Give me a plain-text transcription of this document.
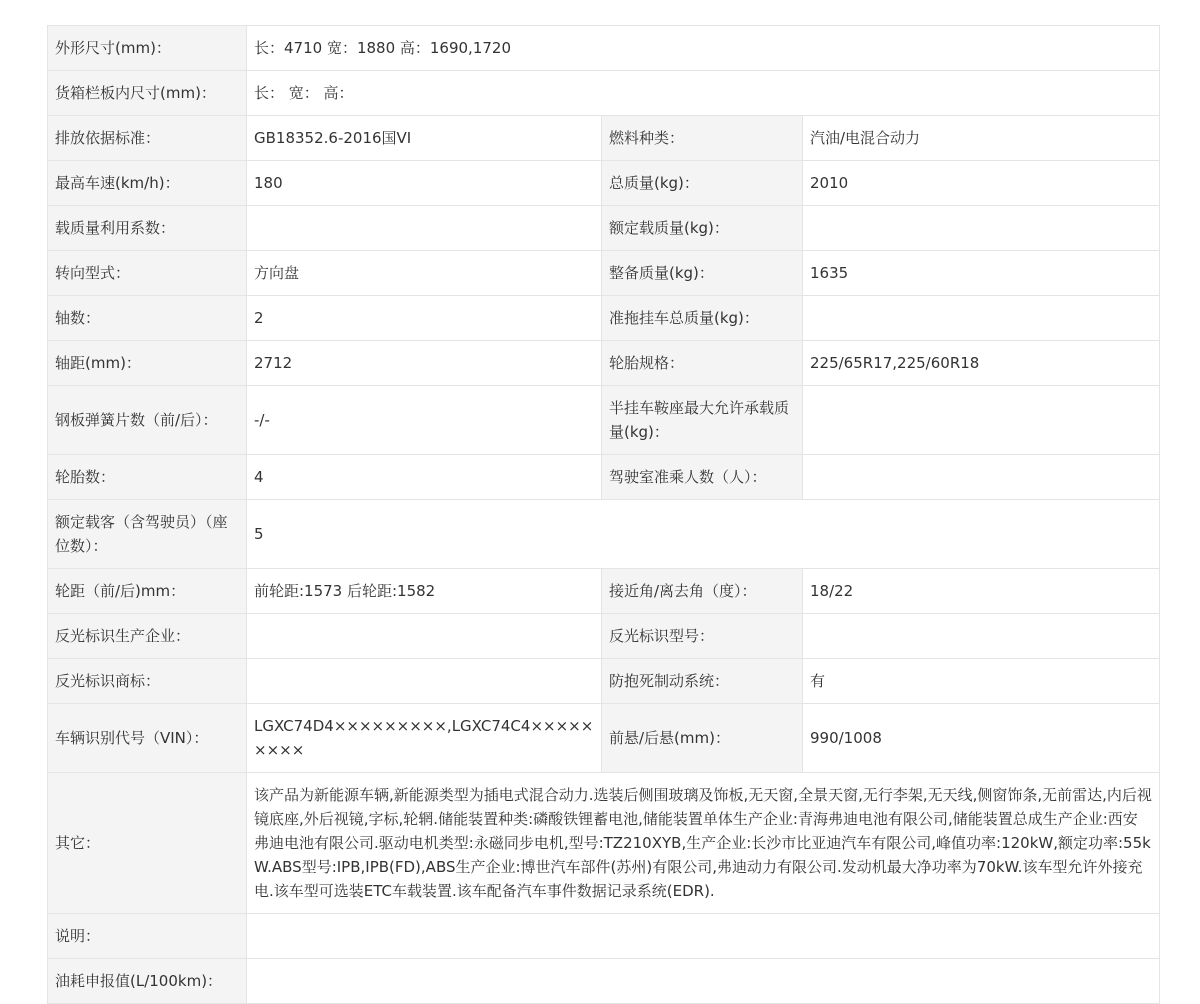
外形尺寸(mm)：	长：4710 宽：1880 高：1690,1720		
货箱栏板内尺寸(mm)：	长： 宽： 高：		
排放依据标准：	GB18352.6-2016国VI	燃料种类：	汽油/电混合动力
最高车速(km/h)：	180	总质量(kg)：	2010
载质量利用系数：		额定载质量(kg)：	
转向型式：	方向盘	整备质量(kg)：	1635
轴数：	2	准拖挂车总质量(kg)：	
轴距(mm)：	2712	轮胎规格：	225/65R17,225/60R18
钢板弹簧片数（前/后）：	-/-	半挂车鞍座最大允许承载质量(kg)：	
轮胎数：	4	驾驶室准乘人数（人）：	
额定载客（含驾驶员）（座位数）：	5		
轮距（前/后)mm：	前轮距:1573 后轮距:1582	接近角/离去角（度）：	18/22
反光标识生产企业：		反光标识型号：	
反光标识商标：		防抱死制动系统：	有
车辆识别代号（VIN）：	LGXC74D4×××××××××,LGXC74C4×××××××××	前悬/后悬(mm)：	990/1008
其它：	该产品为新能源车辆,新能源类型为插电式混合动力.选装后侧围玻璃及饰板,无天窗,全景天窗,无行李架,无天线,侧窗饰条,无前雷达,内后视镜底座,外后视镜,字标,轮辋.储能装置种类:磷酸铁锂蓄电池,储能装置单体生产企业:青海弗迪电池有限公司,储能装置总成生产企业:西安弗迪电池有限公司.驱动电机类型:永磁同步电机,型号:TZ210XYB,生产企业:长沙市比亚迪汽车有限公司,峰值功率:120kW,额定功率:55kW.ABS型号:IPB,IPB(FD),ABS生产企业:博世汽车部件(苏州)有限公司,弗迪动力有限公司.发动机最大净功率为70kW.该车型允许外接充电.该车型可选装ETC车载装置.该车配备汽车事件数据记录系统(EDR).		
说明：			
油耗申报值(L/100km)：			
